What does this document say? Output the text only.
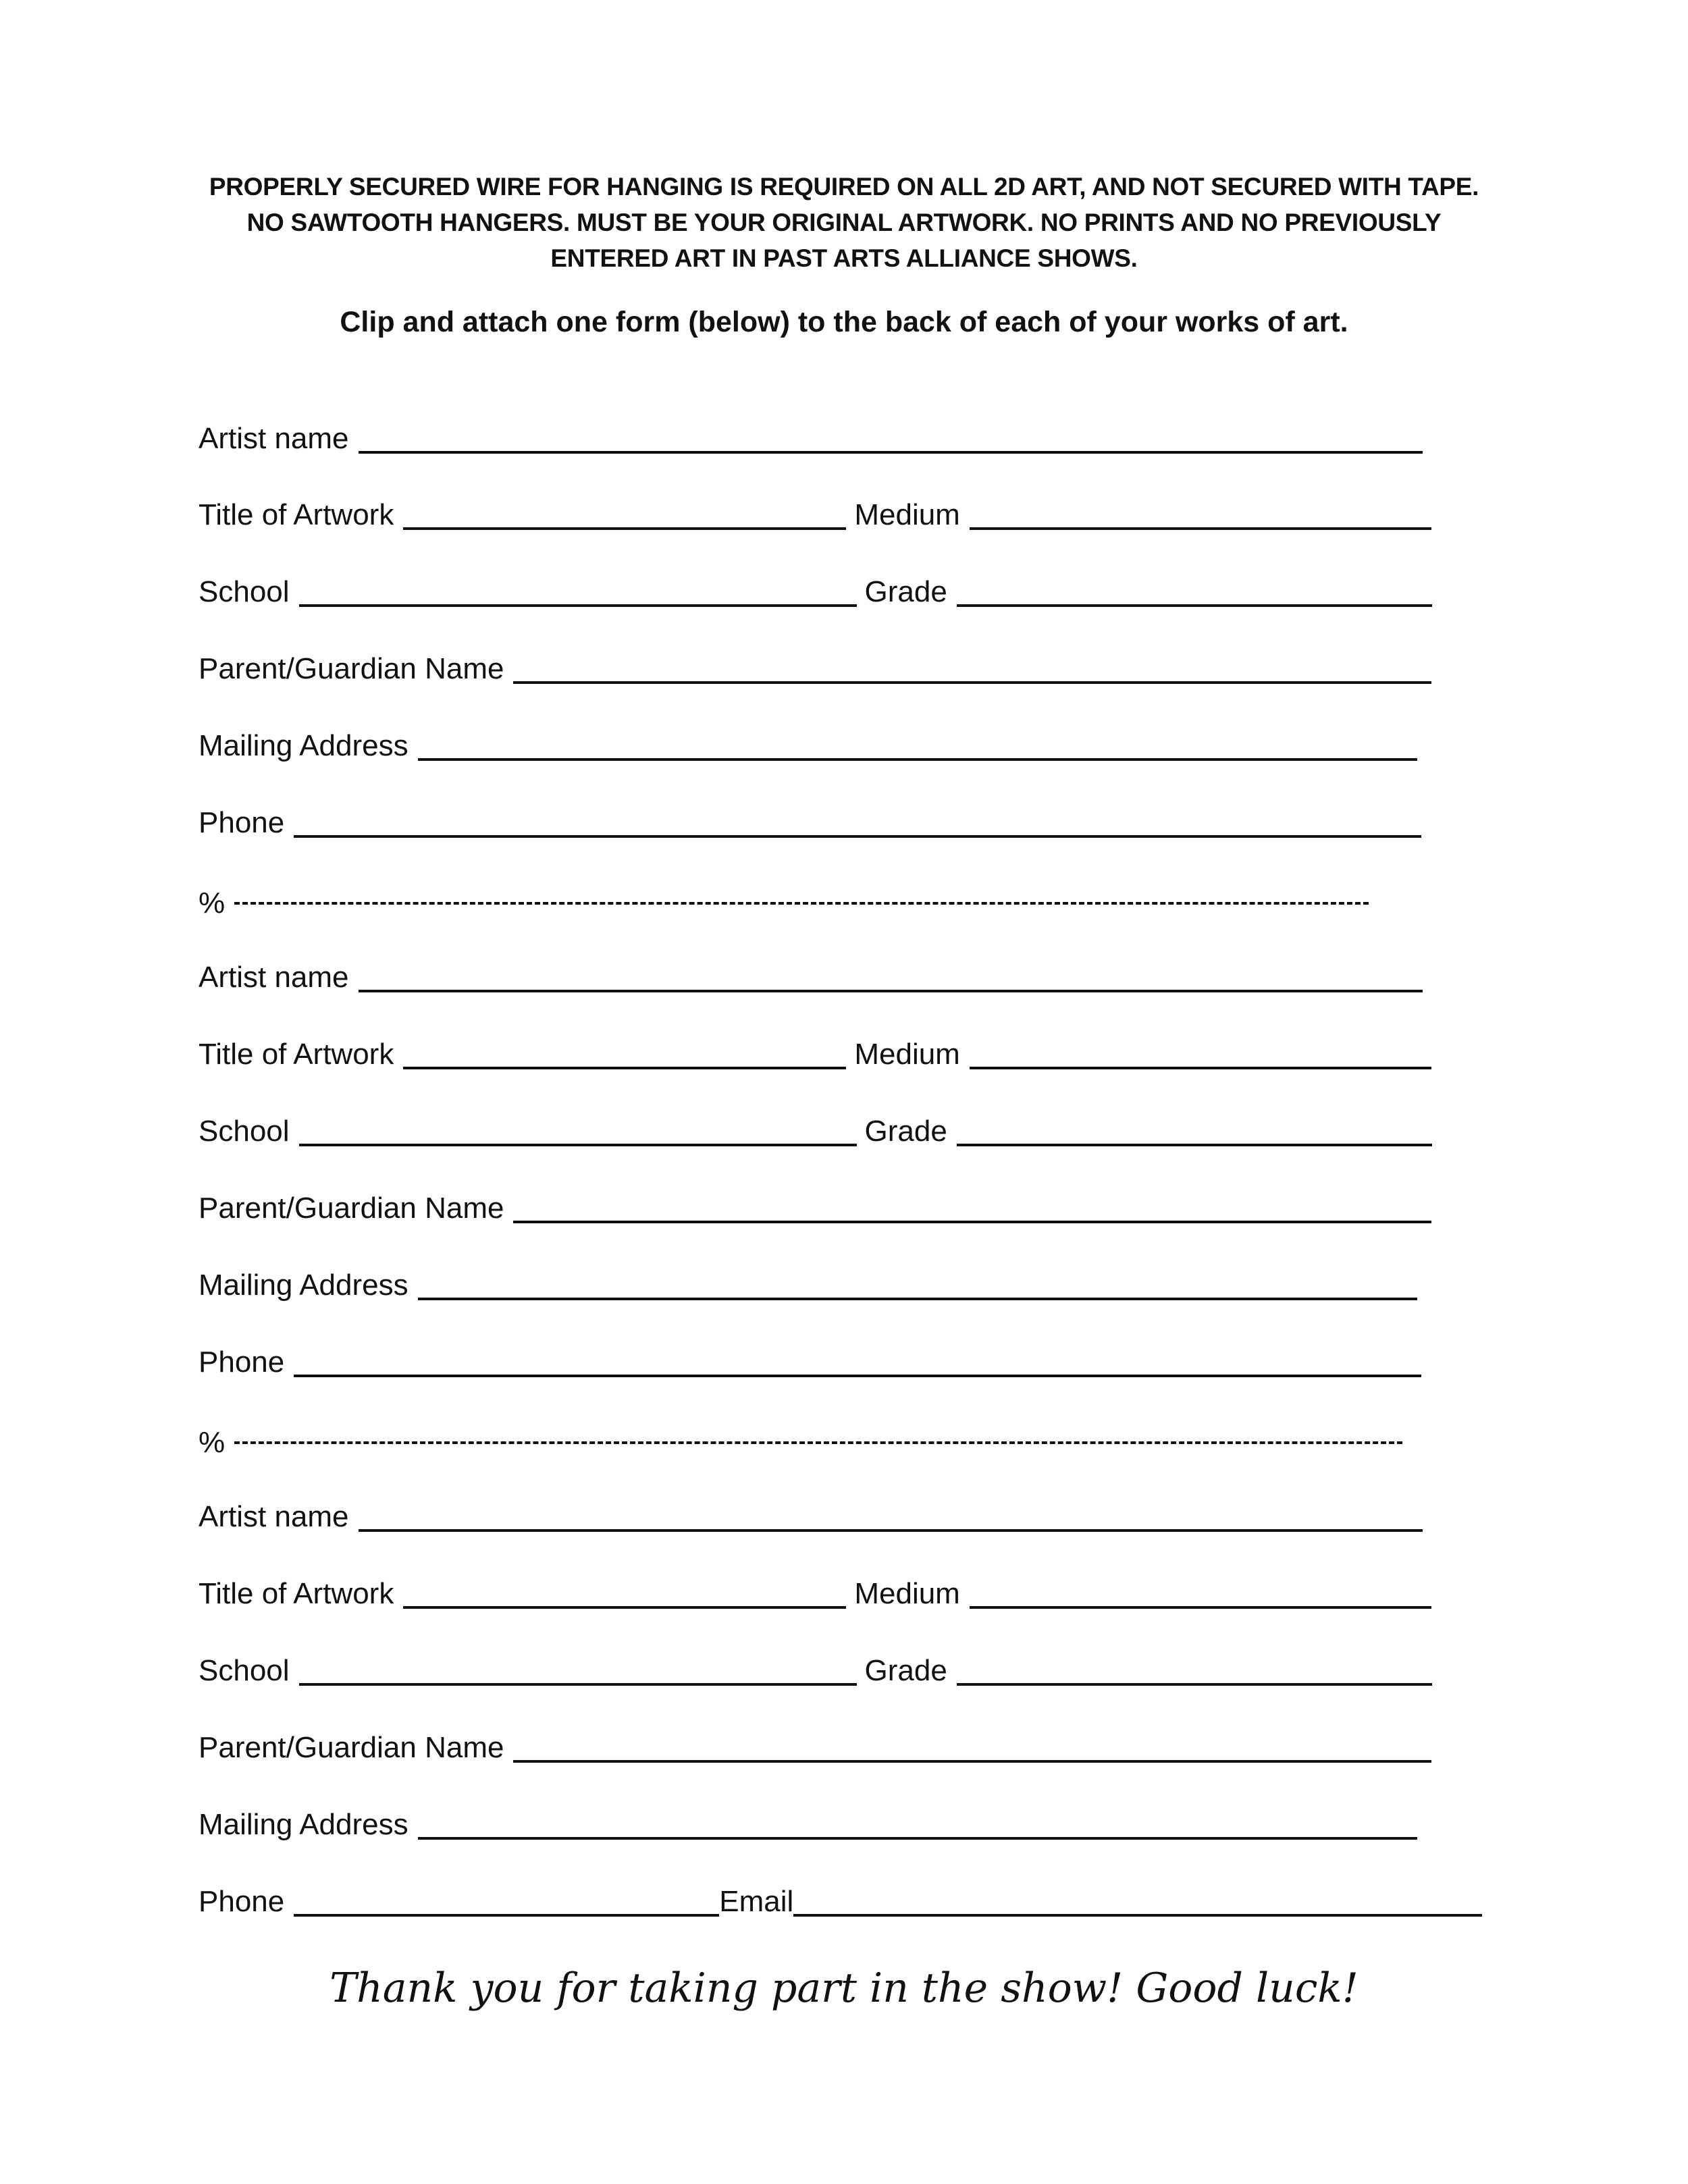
PROPERLY SECURED WIRE FOR HANGING IS REQUIRED ON ALL 2D ART, AND NOT SECURED WITH TAPE.
NO SAWTOOTH HANGERS. MUST BE YOUR ORIGINAL ARTWORK. NO PRINTS AND NO PREVIOUSLY
ENTERED ART IN PAST ARTS ALLIANCE SHOWS.
Clip and attach one form (below) to the back of each of your works of art.
Artist name
Title of Artwork	Medium
School	Grade
Parent/Guardian Name
Mailing Address
Phone
%
Artist name
Title of Artwork	Medium
School	Grade
Parent/Guardian Name
Mailing Address
Phone
%
Artist name
Title of Artwork	Medium
School	Grade
Parent/Guardian Name
Mailing Address
Phone	Email
Thank you for taking part in the show! Good luck!
